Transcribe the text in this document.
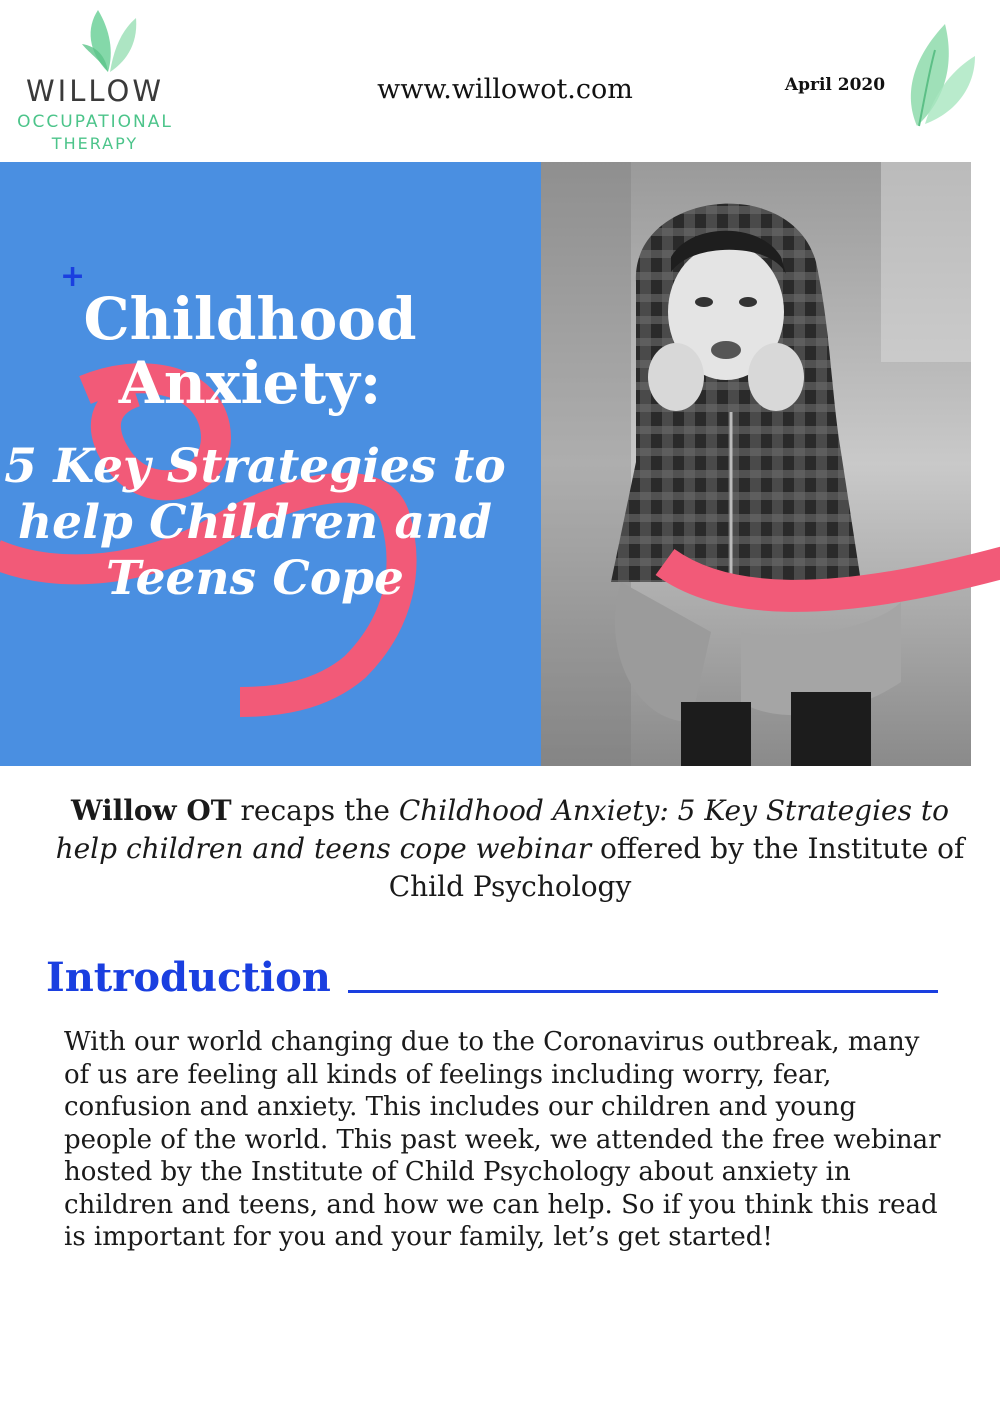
WILLOW
OCCUPATIONAL
THERAPY
www.willowot.com	April 2020
+
Childhood Anxiety:
5 Key Strategies to help Children and Teens Cope
Willow OT recaps the Childhood Anxiety: 5 Key Strategies to help children and teens cope webinar offered by the Institute of Child Psychology
Introduction
With our world changing due to the Coronavirus outbreak, many of us are feeling all kinds of feelings including worry, fear, confusion and anxiety. This includes our children and young people of the world. This past week, we attended the free webinar hosted by the Institute of Child Psychology about anxiety in children and teens, and how we can help. So if you think this read is important for you and your family, let’s get started!
